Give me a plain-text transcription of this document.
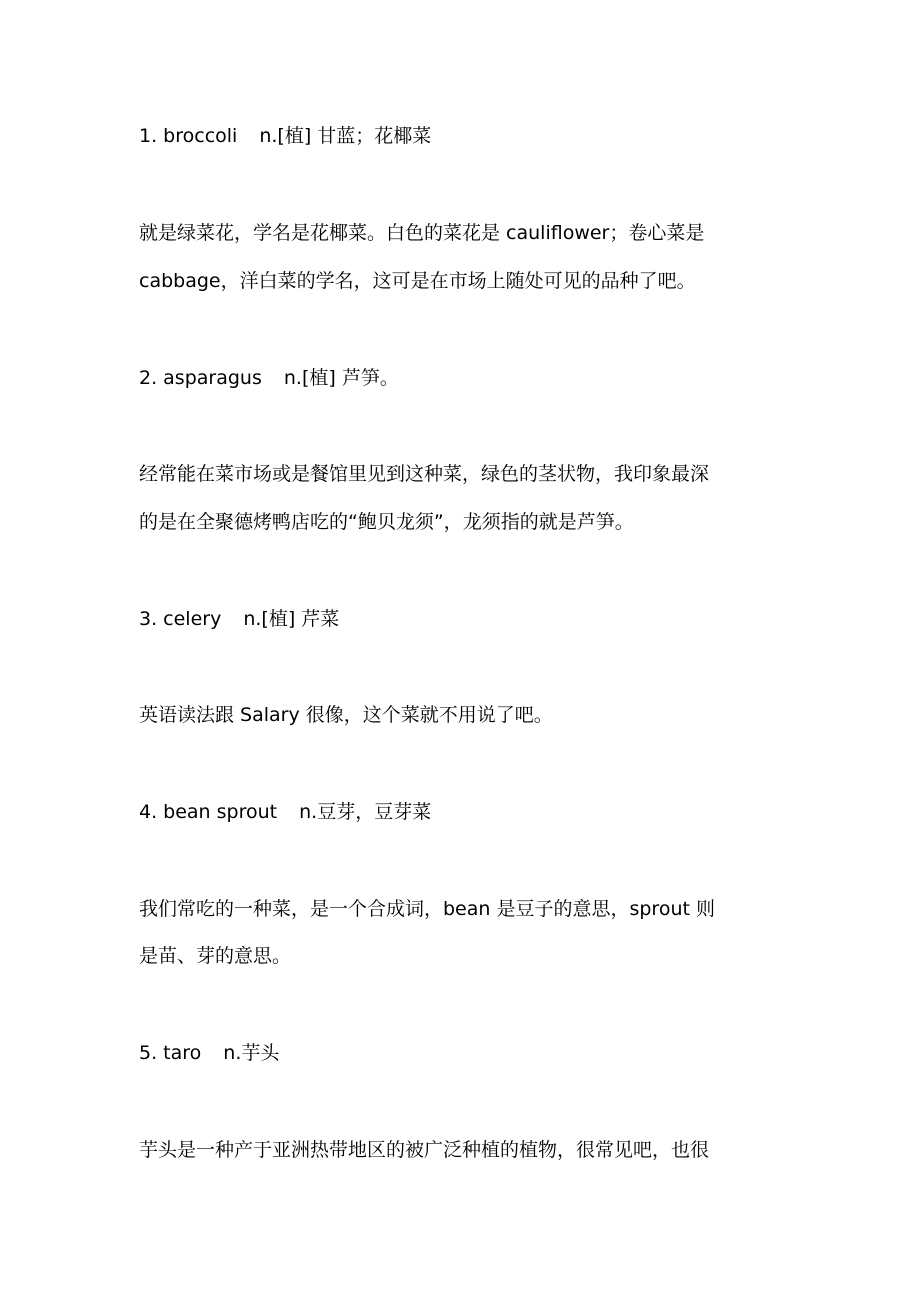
1. broccoli n.[植] 甘蓝；花椰菜
就是绿菜花，学名是花椰菜。白色的菜花是 cauliflower；卷心菜是
cabbage，洋白菜的学名，这可是在市场上随处可见的品种了吧。
2. asparagus n.[植] 芦笋。
经常能在菜市场或是餐馆里见到这种菜，绿色的茎状物，我印象最深
的是在全聚德烤鸭店吃的“鲍贝龙须”，龙须指的就是芦笋。
3. celery n.[植] 芹菜
英语读法跟 Salary 很像，这个菜就不用说了吧。
4. bean sprout n.豆芽，豆芽菜
我们常吃的一种菜，是一个合成词，bean 是豆子的意思，sprout 则
是苗、芽的意思。
5. taro n.芋头
芋头是一种产于亚洲热带地区的被广泛种植的植物，很常见吧，也很
